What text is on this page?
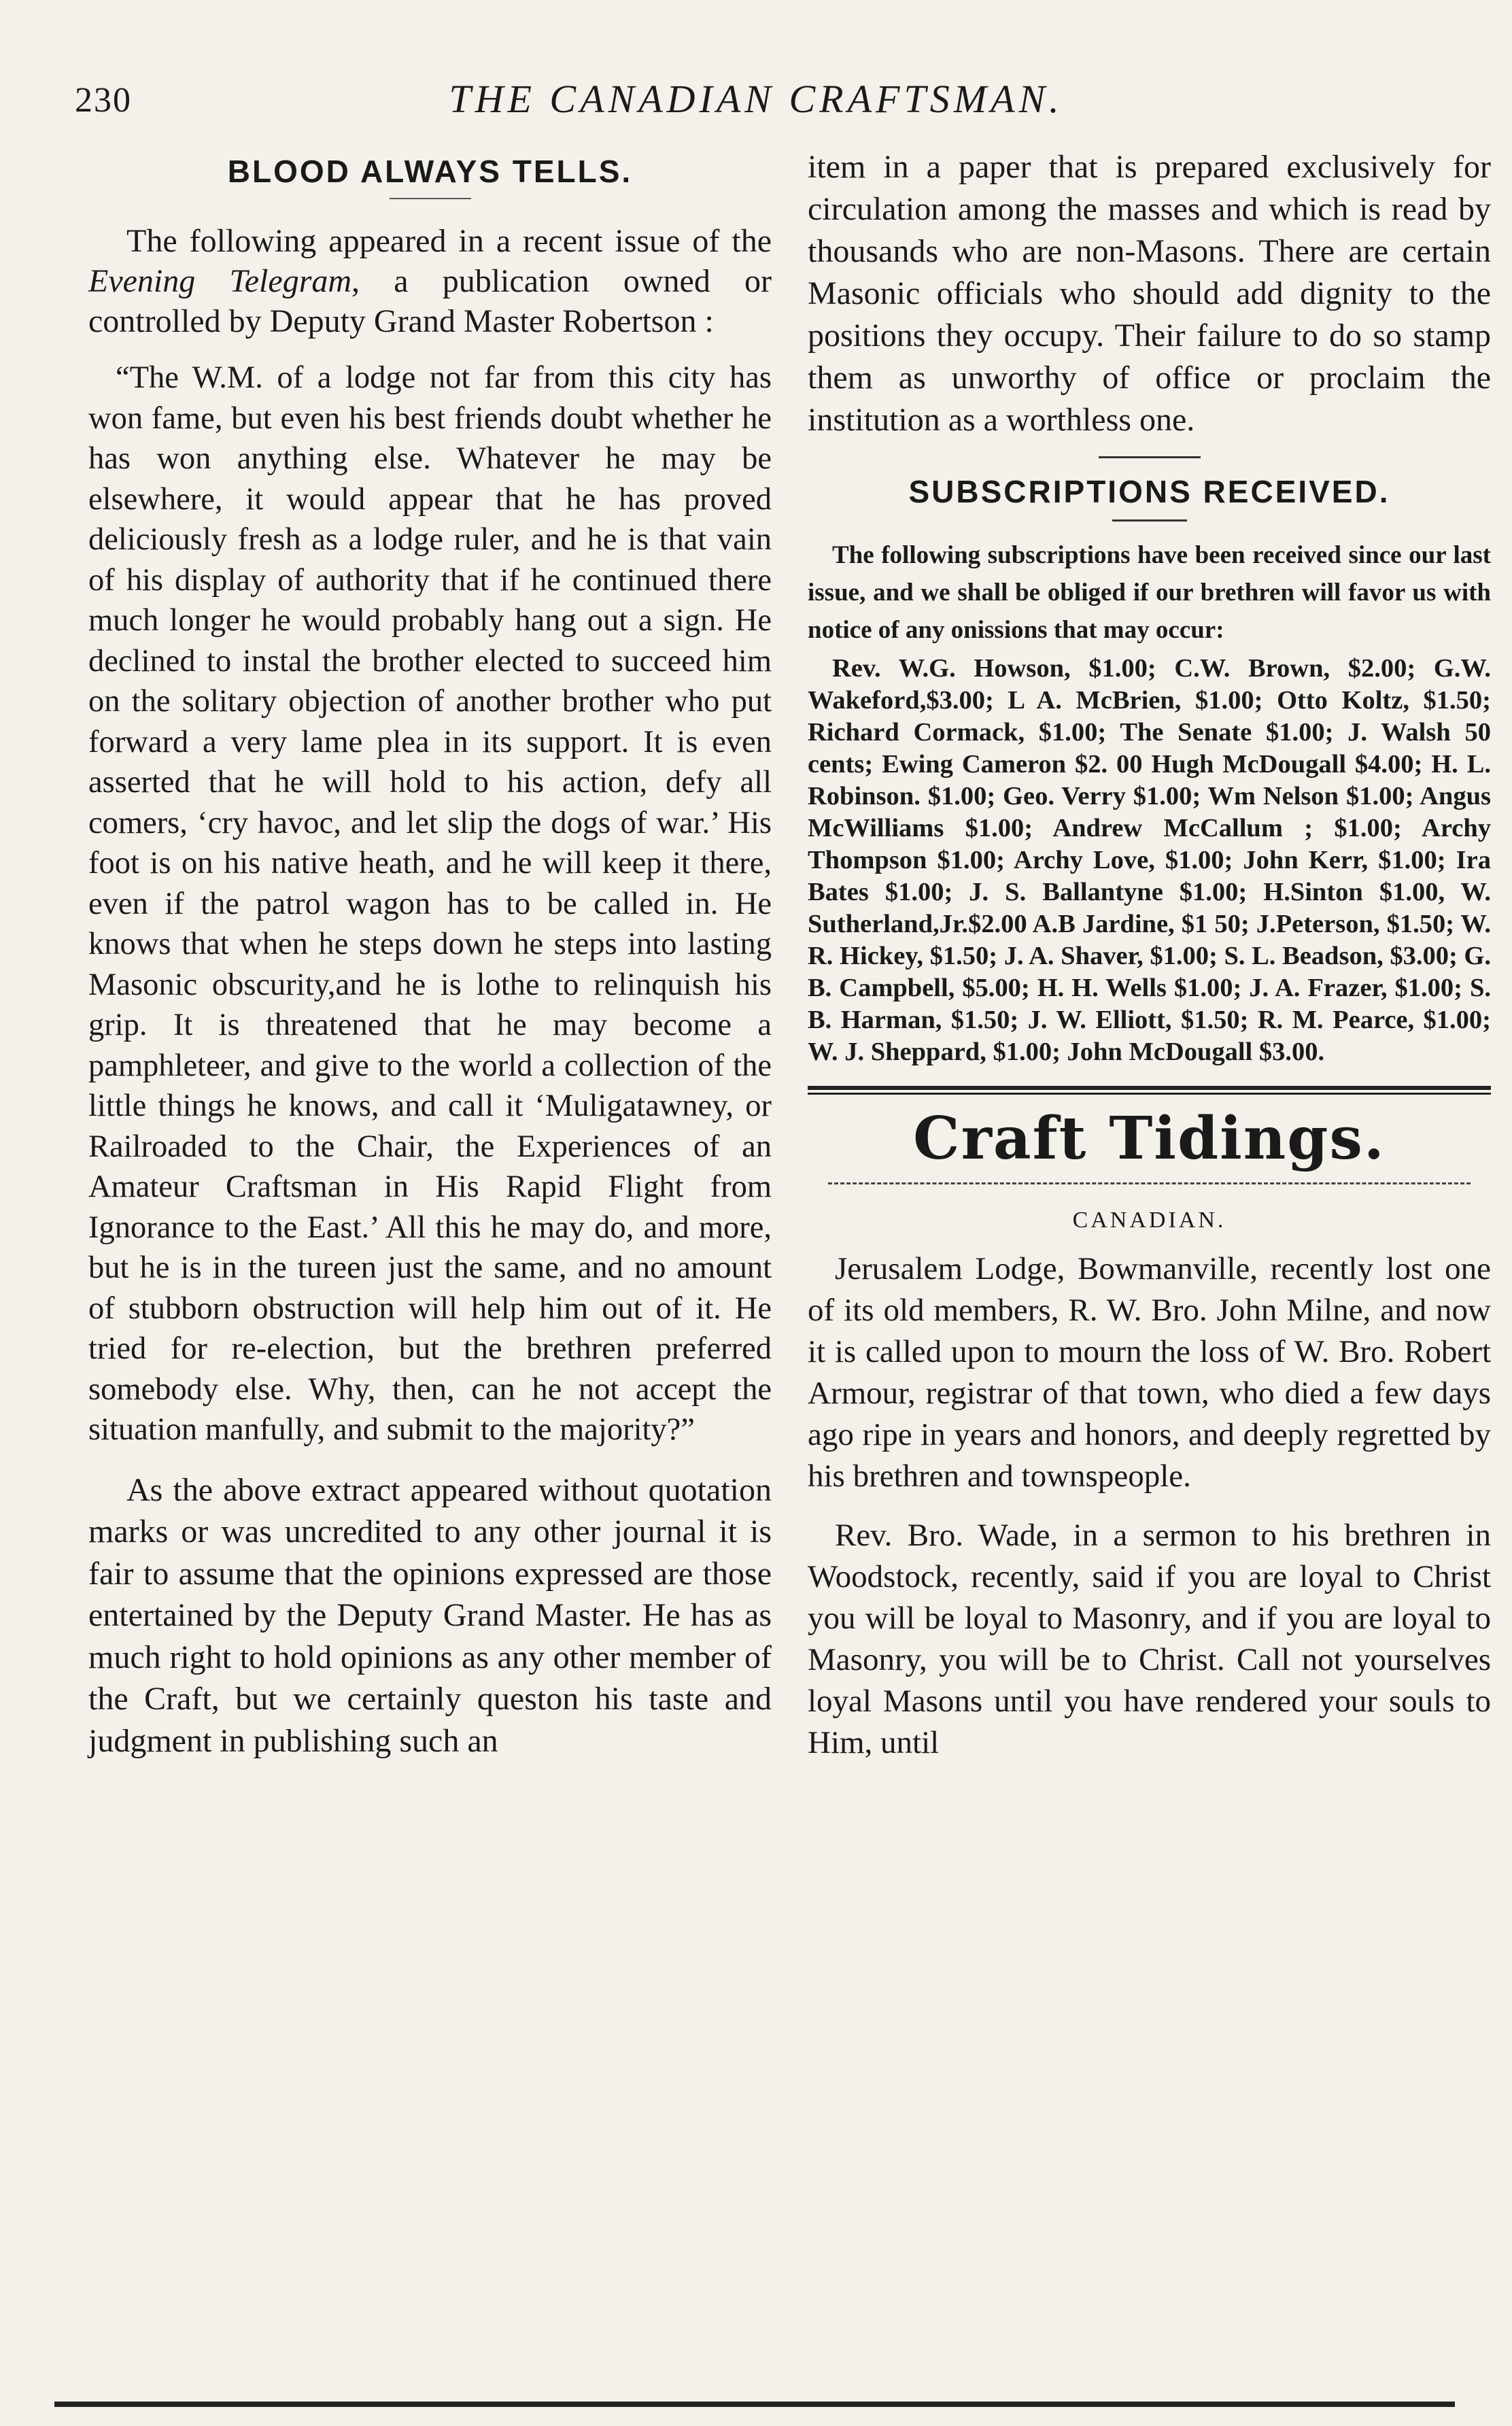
230	THE CANADIAN CRAFTSMAN.
BLOOD ALWAYS TELLS.

The following appeared in a recent issue of the Evening Telegram, a publication owned or controlled by Deputy Grand Master Robertson :

“The W.M. of a lodge not far from this city has won fame, but even his best friends doubt whether he has won anything else. Whatever he may be elsewhere, it would appear that he has proved deliciously fresh as a lodge ruler, and he is that vain of his display of authority that if he continued there much longer he would probably hang out a sign. He declined to instal the brother elected to succeed him on the solitary objection of another brother who put forward a very lame plea in its support. It is even asserted that he will hold to his action, defy all comers, ‘cry havoc, and let slip the dogs of war.’ His foot is on his native heath, and he will keep it there, even if the patrol wagon has to be called in. He knows that when he steps down he steps into lasting Masonic obscurity,and he is lothe to relinquish his grip. It is threatened that he may become a pamphleteer, and give to the world a collection of the little things he knows, and call it ‘Muligatawney, or Railroaded to the Chair, the Experiences of an Amateur Craftsman in His Rapid Flight from Ignorance to the East.’ All this he may do, and more, but he is in the tureen just the same, and no amount of stubborn obstruction will help him out of it. He tried for re-election, but the brethren preferred somebody else. Why, then, can he not accept the situation manfully, and submit to the majority?”

As the above extract appeared without quotation marks or was uncredited to any other journal it is fair to assume that the opinions expressed are those entertained by the Deputy Grand Master. He has as much right to hold opinions as any other member of the Craft, but we certainly queston his taste and judgment in publishing such an

item in a paper that is prepared exclusively for circulation among the masses and which is read by thousands who are non-Masons. There are certain Masonic officials who should add dignity to the positions they occupy. Their failure to do so stamp them as unworthy of office or proclaim the institution as a worthless one.

SUBSCRIPTIONS RECEIVED.

The following subscriptions have been received since our last issue, and we shall be obliged if our brethren will favor us with notice of any onissions that may occur:

Rev. W.G. Howson, $1.00; C.W. Brown, $2.00; G.W. Wakeford,$3.00; L A. McBrien, $1.00; Otto Koltz, $1.50; Richard Cormack, $1.00; The Senate $1.00; J. Walsh 50 cents; Ewing Cameron $2. 00 Hugh McDougall $4.00; H. L. Robinson. $1.00; Geo. Verry $1.00; Wm Nelson $1.00; Angus McWilliams $1.00; Andrew McCallum ; $1.00; Archy Thompson $1.00; Archy Love, $1.00; John Kerr, $1.00; Ira Bates $1.00; J. S. Ballantyne $1.00; H.Sinton $1.00, W. Sutherland,Jr.$2.00 A.B Jardine, $1 50; J.Peterson, $1.50; W. R. Hickey, $1.50; J. A. Shaver, $1.00; S. L. Beadson, $3.00; G. B. Campbell, $5.00; H. H. Wells $1.00; J. A. Frazer, $1.00; S. B. Harman, $1.50; J. W. Elliott, $1.50; R. M. Pearce, $1.00; W. J. Sheppard, $1.00; John McDougall $3.00.

Craft Tidings.

CANADIAN.

Jerusalem Lodge, Bowmanville, recently lost one of its old members, R. W. Bro. John Milne, and now it is called upon to mourn the loss of W. Bro. Robert Armour, registrar of that town, who died a few days ago ripe in years and honors, and deeply regretted by his brethren and townspeople.

Rev. Bro. Wade, in a sermon to his brethren in Woodstock, recently, said if you are loyal to Christ you will be loyal to Masonry, and if you are loyal to Masonry, you will be to Christ. Call not yourselves loyal Masons until you have rendered your souls to Him, until
